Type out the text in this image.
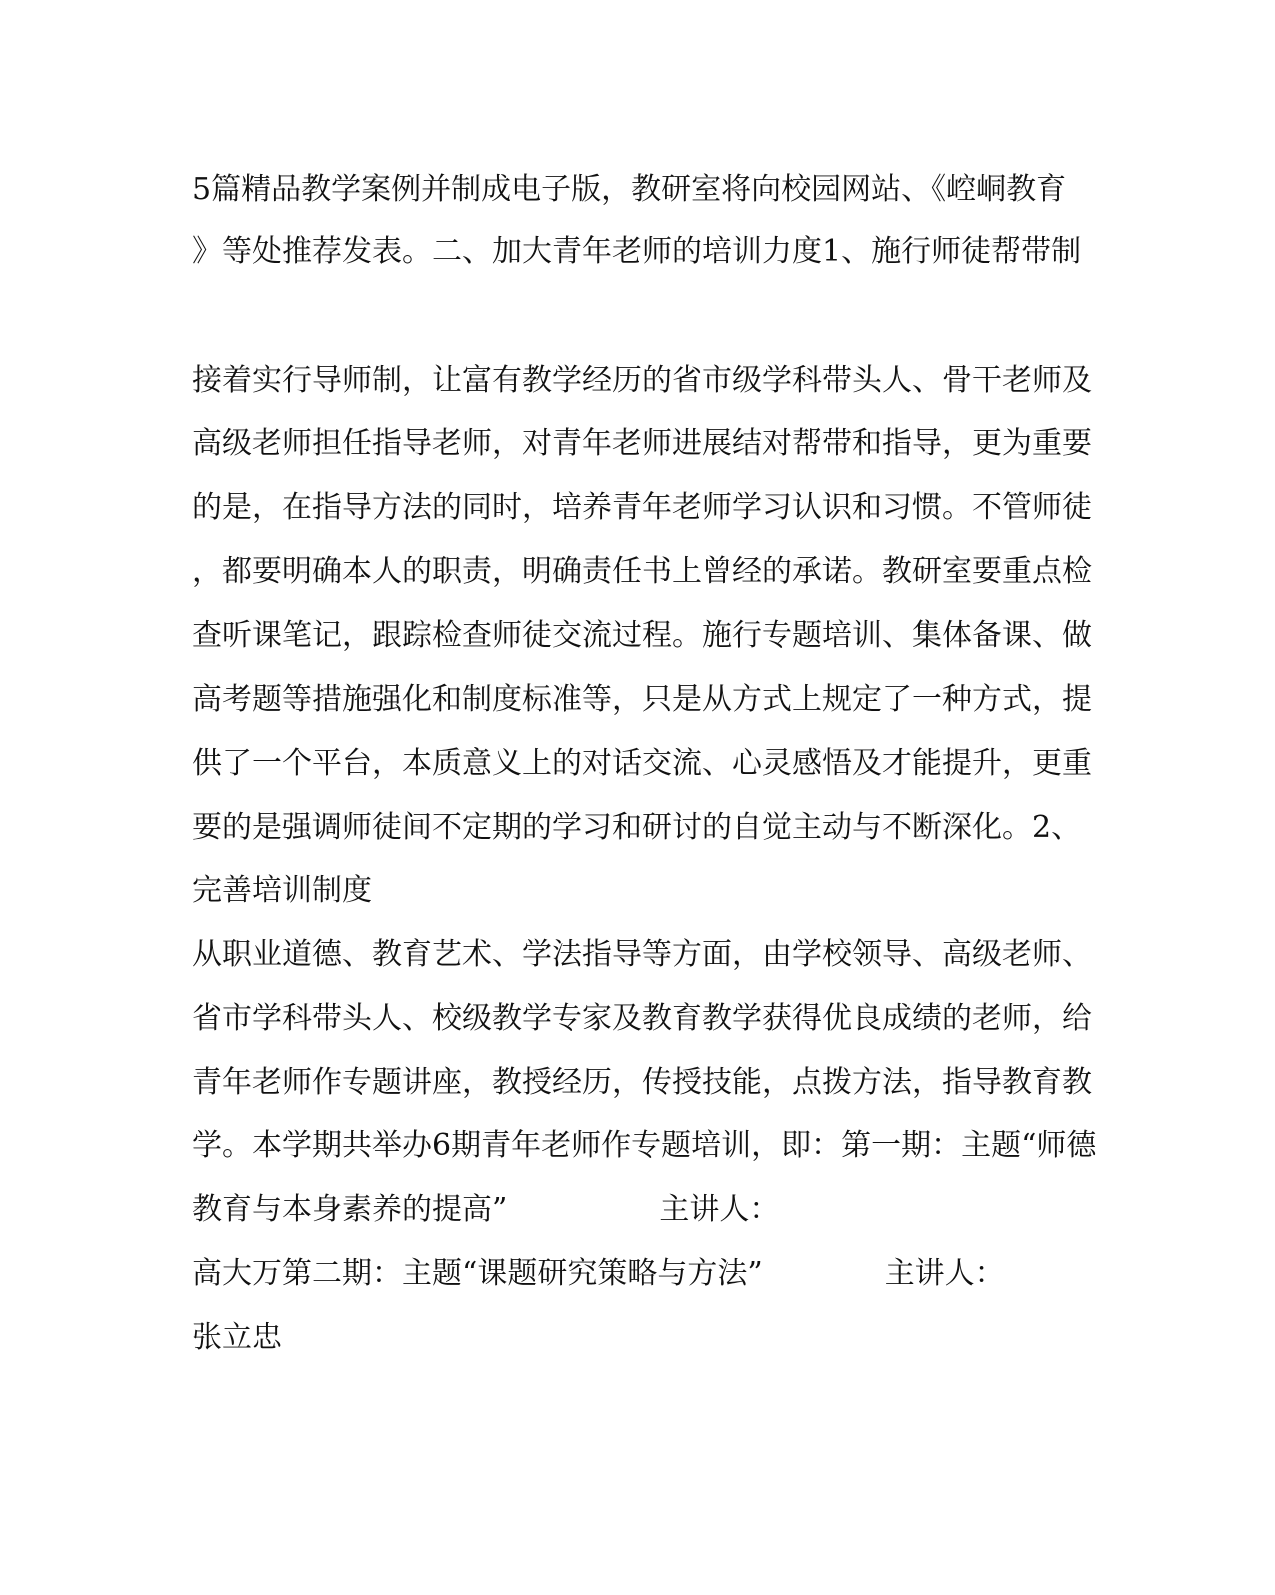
5篇精品教学案例并制成电子版，教研室将向校园网站、《崆峒教育
》等处推荐发表。二、加大青年老师的培训力度1、施行师徒帮带制
接着实行导师制，让富有教学经历的省市级学科带头人、骨干老师及
高级老师担任指导老师，对青年老师进展结对帮带和指导，更为重要
的是，在指导方法的同时，培养青年老师学习认识和习惯。不管师徒
，都要明确本人的职责，明确责任书上曾经的承诺。教研室要重点检
查听课笔记，跟踪检查师徒交流过程。施行专题培训、集体备课、做
高考题等措施强化和制度标准等，只是从方式上规定了一种方式，提
供了一个平台，本质意义上的对话交流、心灵感悟及才能提升，更重
要的是强调师徒间不定期的学习和研讨的自觉主动与不断深化。2、
完善培训制度
从职业道德、教育艺术、学法指导等方面，由学校领导、高级老师、
省市学科带头人、校级教学专家及教育教学获得优良成绩的老师，给
青年老师作专题讲座，教授经历，传授技能，点拨方法，指导教育教
学。本学期共举办6期青年老师作专题培训，即：第一期：主题“师德
教育与本身素养的提高”	主讲人：
高大万第二期：主题“课题研究策略与方法”	主讲人：
张立忠
